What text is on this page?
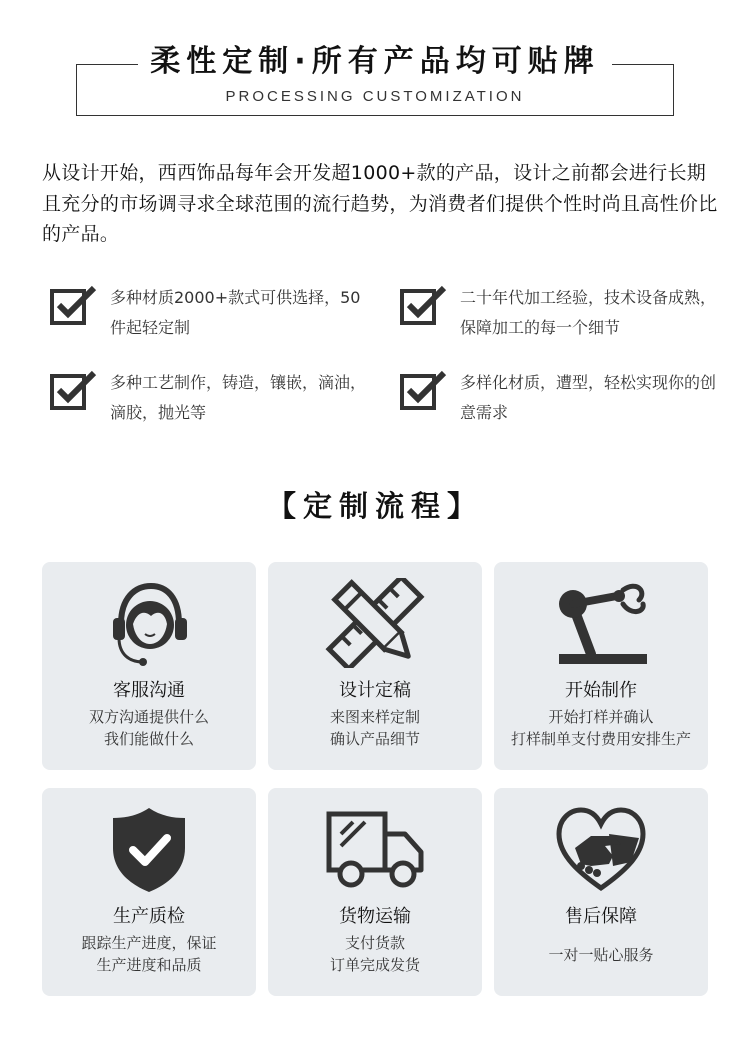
柔性定制·所有产品均可贴牌
PROCESSING CUSTOMIZATION
从设计开始，西西饰品每年会开发超1000+款的产品，设计之前都会进行长期且充分的市场调寻求全球范围的流行趋势，为消费者们提供个性时尚且高性价比的产品。
多种材质2000+款式可供选择，50件起轻定制
二十年代加工经验，技术设备成熟，保障加工的每一个细节
多种工艺制作，铸造，镶嵌，滴油，滴胶，抛光等
多样化材质，遭型，轻松实现你的创意需求
【定制流程】
客服沟通
双方沟通提供什么
我们能做什么
设计定稿
来图来样定制
确认产品细节
开始制作
开始打样并确认
打样制单支付费用安排生产
生产质检
跟踪生产进度，保证
生产进度和品质
货物运输
支付货款
订单完成发货
售后保障
一对一贴心服务
